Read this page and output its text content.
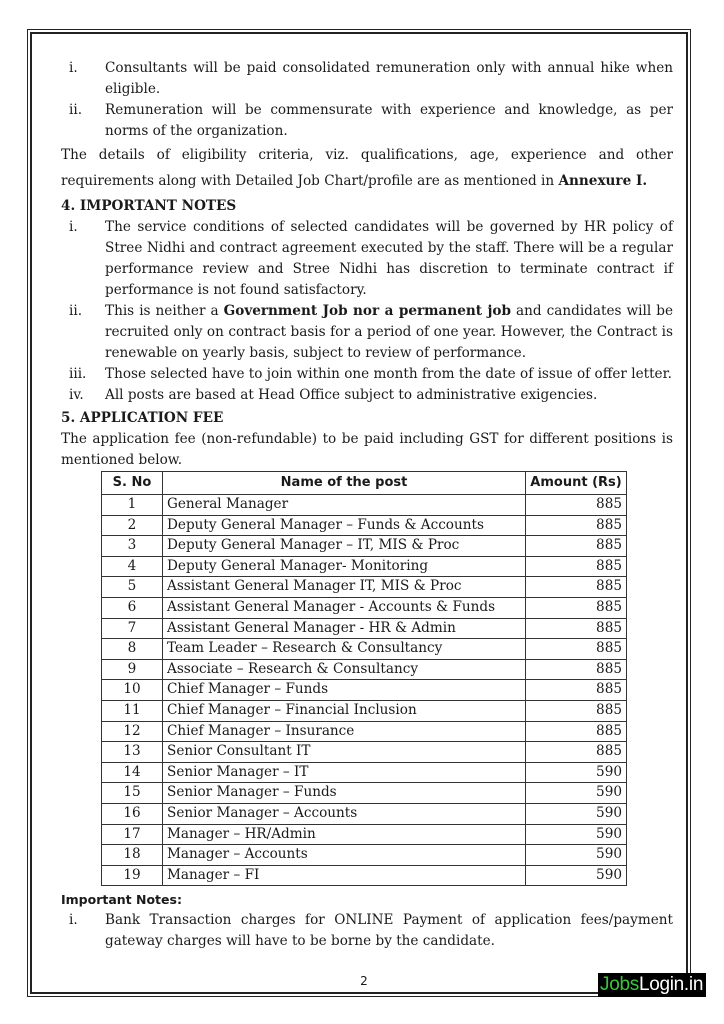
i.	Consultants will be paid consolidated remuneration only with annual hike when eligible.
ii.	Remuneration will be commensurate with experience and knowledge, as per norms of the organization.
The details of eligibility criteria, viz. qualifications, age, experience and other requirements along with Detailed Job Chart/profile are as mentioned in Annexure I.
4. IMPORTANT NOTES
i.	The service conditions of selected candidates will be governed by HR policy of Stree Nidhi and contract agreement executed by the staff. There will be a regular performance review and Stree Nidhi has discretion to terminate contract if performance is not found satisfactory.
ii.	This is neither a Government Job nor a permanent job and candidates will be recruited only on contract basis for a period of one year. However, the Contract is renewable on yearly basis, subject to review of performance.
iii.	Those selected have to join within one month from the date of issue of offer letter.
iv.	All posts are based at Head Office subject to administrative exigencies.
5. APPLICATION FEE
The application fee (non-refundable) to be paid including GST for different positions is mentioned below.
S. No	Name of the post	Amount (Rs)
1	General Manager	885
2	Deputy General Manager – Funds & Accounts	885
3	Deputy General Manager – IT, MIS & Proc	885
4	Deputy General Manager- Monitoring	885
5	Assistant General Manager IT, MIS & Proc	885
6	Assistant General Manager - Accounts & Funds	885
7	Assistant General Manager - HR & Admin	885
8	Team Leader – Research & Consultancy	885
9	Associate – Research & Consultancy	885
10	Chief Manager – Funds	885
11	Chief Manager – Financial Inclusion	885
12	Chief Manager – Insurance	885
13	Senior Consultant IT	885
14	Senior Manager – IT	590
15	Senior Manager – Funds	590
16	Senior Manager – Accounts	590
17	Manager – HR/Admin	590
18	Manager – Accounts	590
19	Manager – FI	590
Important Notes:
i.	Bank Transaction charges for ONLINE Payment of application fees/payment gateway charges will have to be borne by the candidate.
2	JobsLogin.in
